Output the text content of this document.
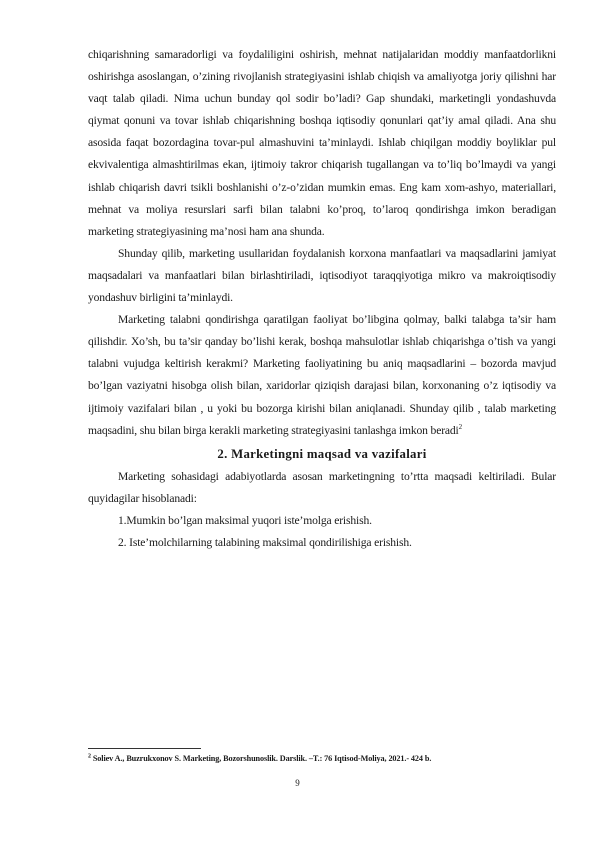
chiqarishning samaradorligi va foydaliligini oshirish, mehnat natijalaridan moddiy manfaatdorlikni oshirishga asoslangan, o’zining rivojlanish strategiyasini ishlab chiqish va amaliyotga joriy qilishni har vaqt talab qiladi. Nima uchun bunday qol sodir bo’ladi? Gap shundaki, marketingli yondashuvda qiymat qonuni va tovar ishlab chiqarishning boshqa iqtisodiy qonunlari qat’iy amal qiladi. Ana shu asosida faqat bozordagina tovar-pul almashuvini ta’minlaydi. Ishlab chiqilgan moddiy boyliklar pul ekvivalentiga almashtirilmas ekan, ijtimoiy takror chiqarish tugallangan va to’liq bo’lmaydi va yangi ishlab chiqarish davri tsikli boshlanishi o’z-o’zidan mumkin emas. Eng kam xom-ashyo, materiallari, mehnat va moliya resurslari sarfi bilan talabni ko’proq, to’laroq qondirishga imkon beradigan marketing strategiyasining ma’nosi ham ana shunda.

Shunday qilib, marketing usullaridan foydalanish korxona manfaatlari va maqsadlarini jamiyat maqsadalari va manfaatlari bilan birlashtiriladi, iqtisodiyot taraqqiyotiga mikro va makroiqtisodiy yondashuv birligini ta’minlaydi.

Marketing talabni qondirishga qaratilgan faoliyat bo’libgina qolmay, balki talabga ta’sir ham qilishdir. Xo’sh, bu ta’sir qanday bo’lishi kerak, boshqa mahsulotlar ishlab chiqarishga o’tish va yangi talabni vujudga keltirish kerakmi? Marketing faoliyatining bu aniq maqsadlarini – bozorda mavjud bo’lgan vaziyatni hisobga olish bilan, xaridorlar qiziqish darajasi bilan, korxonaning o’z iqtisodiy va ijtimoiy vazifalari bilan , u yoki bu bozorga kirishi bilan aniqlanadi. Shunday qilib , talab marketing maqsadini, shu bilan birga kerakli marketing strategiyasini tanlashga imkon beradi$^2$

2. Marketingni maqsad va vazifalari

Marketing sohasidagi adabiyotlarda asosan marketingning to’rtta maqsadi keltiriladi. Bular quyidagilar hisoblanadi:

1.Mumkin bo’lgan maksimal yuqori iste’molga erishish.

2. Iste’molchilarning talabining maksimal qondirilishiga erishish.

$^2$ Soliev A., Buzrukxonov S. Marketing, Bozorshunoslik. Darslik. –T.: 76 Iqtisod-Moliya, 2021.- 424 b.
9
